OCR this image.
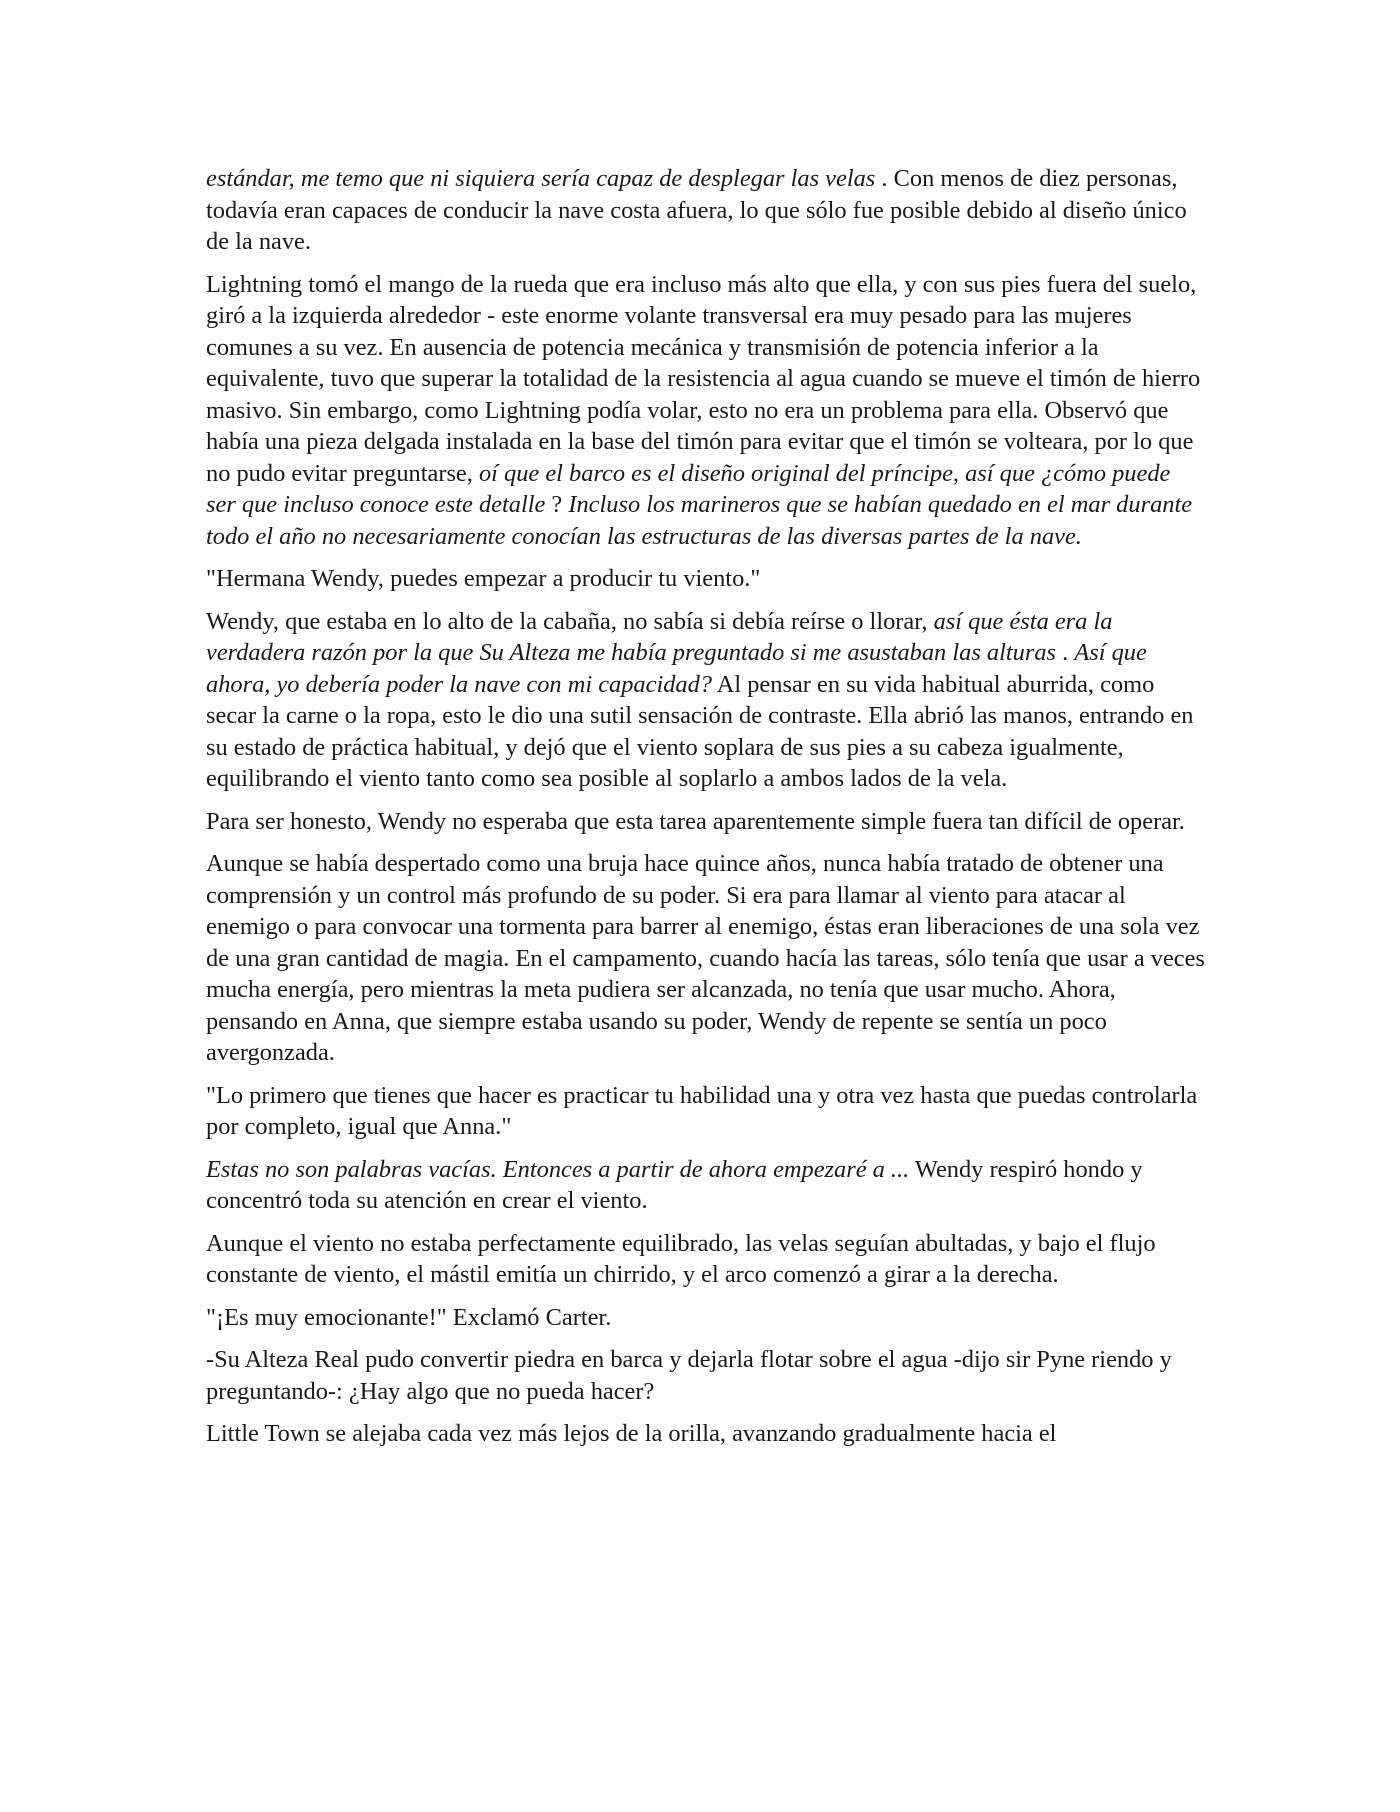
estándar, me temo que ni siquiera sería capaz de desplegar las velas . Con menos de diez personas, todavía eran capaces de conducir la nave costa afuera, lo que sólo fue posible debido al diseño único de la nave.

Lightning tomó el mango de la rueda que era incluso más alto que ella, y con sus pies fuera del suelo, giró a la izquierda alrededor - este enorme volante transversal era muy pesado para las mujeres comunes a su vez. En ausencia de potencia mecánica y transmisión de potencia inferior a la equivalente, tuvo que superar la totalidad de la resistencia al agua cuando se mueve el timón de hierro masivo. Sin embargo, como Lightning podía volar, esto no era un problema para ella. Observó que había una pieza delgada instalada en la base del timón para evitar que el timón se volteara, por lo que no pudo evitar preguntarse, oí que el barco es el diseño original del príncipe, así que ¿cómo puede ser que incluso conoce este detalle ? Incluso los marineros que se habían quedado en el mar durante todo el año no necesariamente conocían las estructuras de las diversas partes de la nave.

"Hermana Wendy, puedes empezar a producir tu viento."

Wendy, que estaba en lo alto de la cabaña, no sabía si debía reírse o llorar, así que ésta era la verdadera razón por la que Su Alteza me había preguntado si me asustaban las alturas . Así que ahora, yo debería poder la nave con mi capacidad? Al pensar en su vida habitual aburrida, como secar la carne o la ropa, esto le dio una sutil sensación de contraste. Ella abrió las manos, entrando en su estado de práctica habitual, y dejó que el viento soplara de sus pies a su cabeza igualmente, equilibrando el viento tanto como sea posible al soplarlo a ambos lados de la vela.

Para ser honesto, Wendy no esperaba que esta tarea aparentemente simple fuera tan difícil de operar.

Aunque se había despertado como una bruja hace quince años, nunca había tratado de obtener una comprensión y un control más profundo de su poder. Si era para llamar al viento para atacar al enemigo o para convocar una tormenta para barrer al enemigo, éstas eran liberaciones de una sola vez de una gran cantidad de magia. En el campamento, cuando hacía las tareas, sólo tenía que usar a veces mucha energía, pero mientras la meta pudiera ser alcanzada, no tenía que usar mucho. Ahora, pensando en Anna, que siempre estaba usando su poder, Wendy de repente se sentía un poco avergonzada.

"Lo primero que tienes que hacer es practicar tu habilidad una y otra vez hasta que puedas controlarla por completo, igual que Anna."

Estas no son palabras vacías. Entonces a partir de ahora empezaré a ... Wendy respiró hondo y concentró toda su atención en crear el viento.

Aunque el viento no estaba perfectamente equilibrado, las velas seguían abultadas, y bajo el flujo constante de viento, el mástil emitía un chirrido, y el arco comenzó a girar a la derecha.

"¡Es muy emocionante!" Exclamó Carter.

-Su Alteza Real pudo convertir piedra en barca y dejarla flotar sobre el agua -dijo sir Pyne riendo y preguntando-: ¿Hay algo que no pueda hacer?

Little Town se alejaba cada vez más lejos de la orilla, avanzando gradualmente hacia el
